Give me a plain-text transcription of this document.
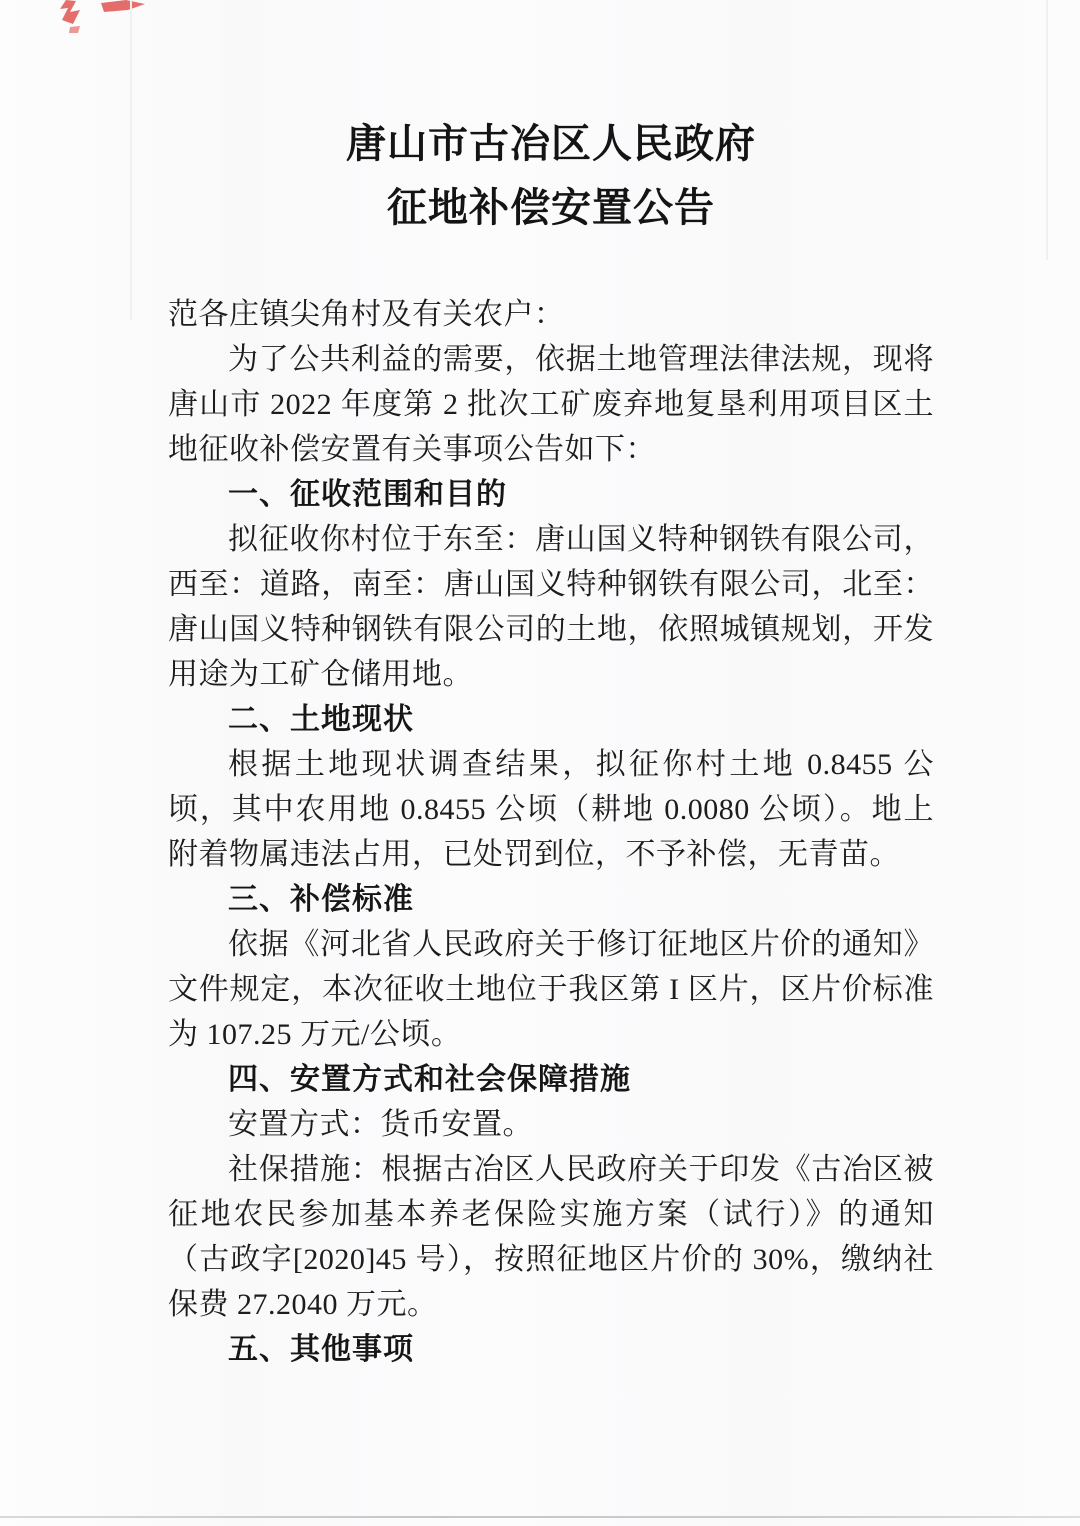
唐山市古冶区人民政府
征地补偿安置公告

范各庄镇尖角村及有关农户：

为了公共利益的需要，依据土地管理法律法规，现将唐山市 2022 年度第 2 批次工矿废弃地复垦利用项目区土地征收补偿安置有关事项公告如下：

一、征收范围和目的

拟征收你村位于东至：唐山国义特种钢铁有限公司，西至：道路，南至：唐山国义特种钢铁有限公司，北至：唐山国义特种钢铁有限公司的土地，依照城镇规划，开发用途为工矿仓储用地。

二、土地现状

根据土地现状调查结果，拟征你村土地 0.8455 公顷，其中农用地 0.8455 公顷（耕地 0.0080 公顷）。地上附着物属违法占用，已处罚到位，不予补偿，无青苗。

三、补偿标准

依据《河北省人民政府关于修订征地区片价的通知》文件规定，本次征收土地位于我区第 I 区片，区片价标准为 107.25 万元/公顷。

四、安置方式和社会保障措施

安置方式：货币安置。

社保措施：根据古冶区人民政府关于印发《古冶区被征地农民参加基本养老保险实施方案（试行）》的通知（古政字[2020]45 号），按照征地区片价的 30%，缴纳社保费 27.2040 万元。

五、其他事项
